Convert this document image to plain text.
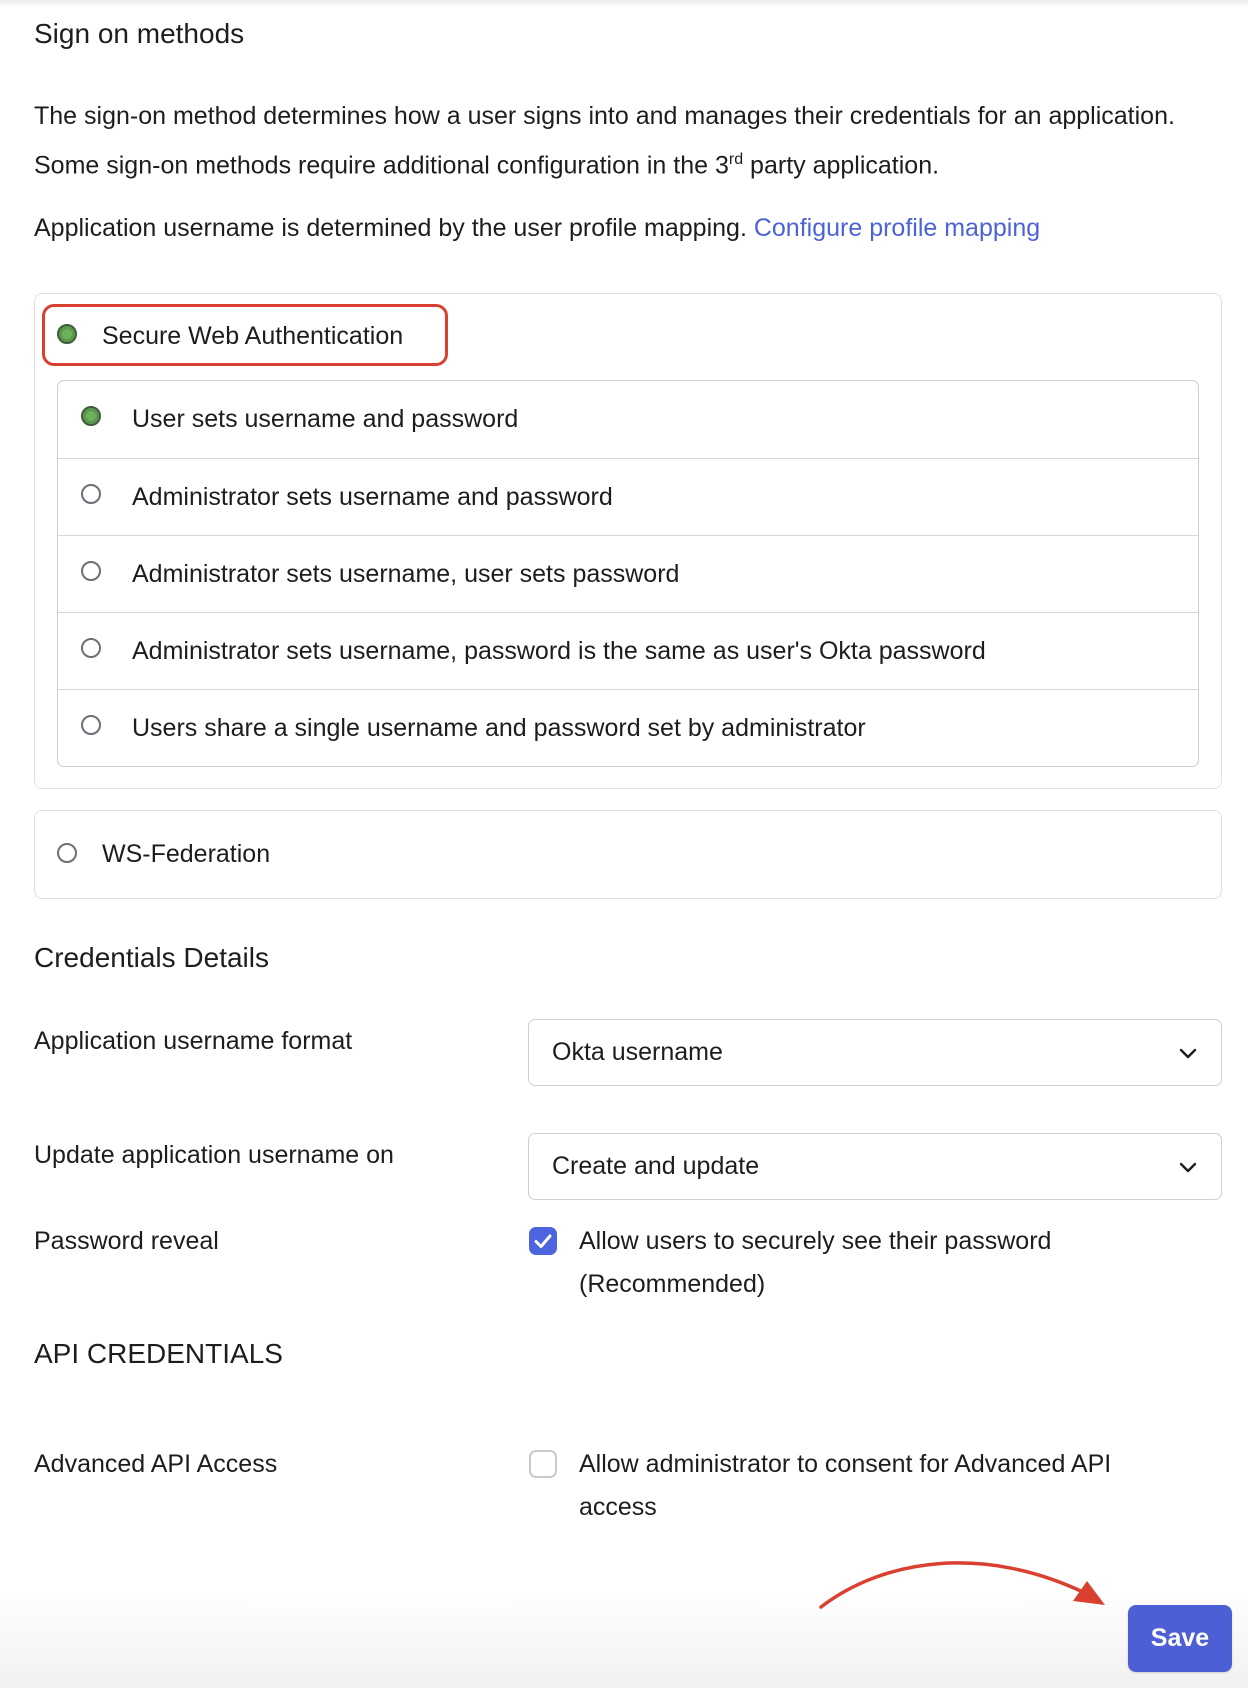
Sign on methods
The sign-on method determines how a user signs into and manages their credentials for an application. Some sign-on methods require additional configuration in the 3rd party application.
Application username is determined by the user profile mapping. Configure profile mapping
Secure Web Authentication
User sets username and password
Administrator sets username and password
Administrator sets username, user sets password
Administrator sets username, password is the same as user's Okta password
Users share a single username and password set by administrator
WS-Federation
Credentials Details
Application username format	Okta username
Update application username on	Create and update
Password reveal	Allow users to securely see their password (Recommended)
API CREDENTIALS
Advanced API Access	Allow administrator to consent for Advanced API access
Save
